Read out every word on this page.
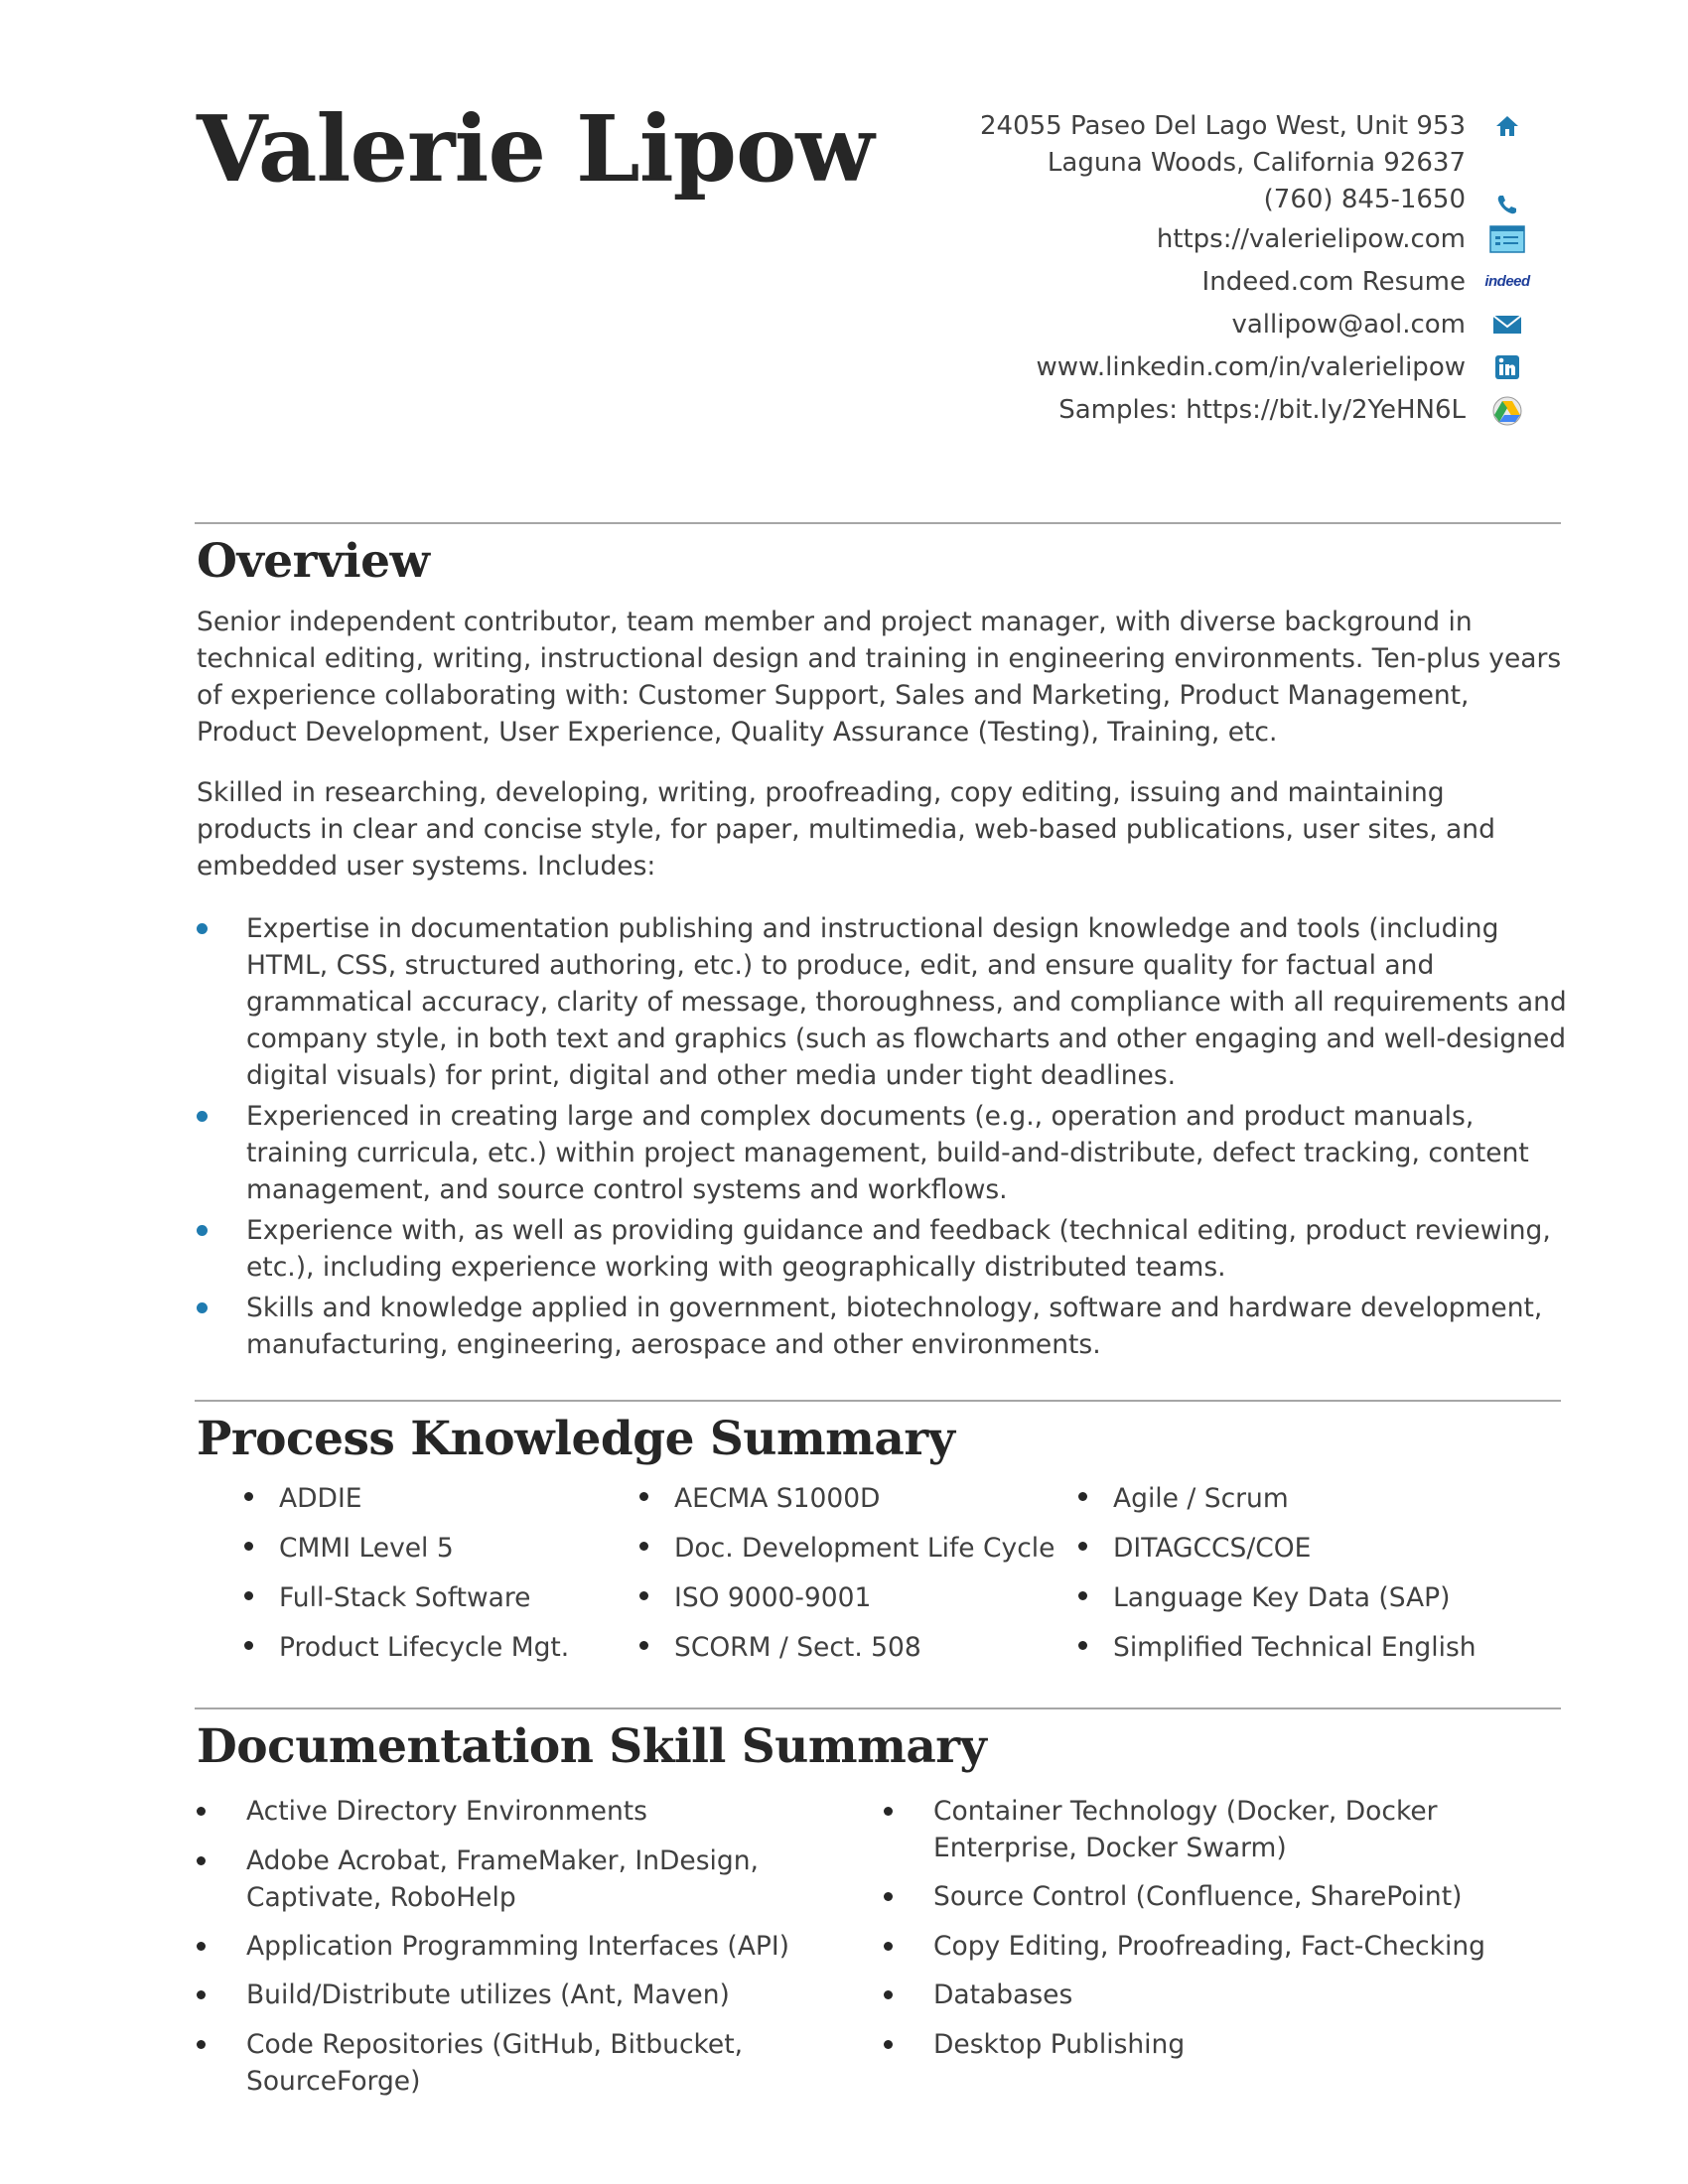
Valerie Lipow	24055 Paseo Del Lago West, Unit 953
Laguna Woods, California 92637
(760) 845-1650
https://valerielipow.com
Indeed.com Resume indeed
vallipow@aol.com
www.linkedin.com/in/valerielipow
Samples: https://bit.ly/2YeHN6L
Overview
Senior independent contributor, team member and project manager, with diverse background in technical editing, writing, instructional design and training in engineering environments. Ten-plus years of experience collaborating with: Customer Support, Sales and Marketing, Product Management, Product Development, User Experience, Quality Assurance (Testing), Training, etc.
Skilled in researching, developing, writing, proofreading, copy editing, issuing and maintaining products in clear and concise style, for paper, multimedia, web-based publications, user sites, and embedded user systems. Includes:
Expertise in documentation publishing and instructional design knowledge and tools (including HTML, CSS, structured authoring, etc.) to produce, edit, and ensure quality for factual and grammatical accuracy, clarity of message, thoroughness, and compliance with all requirements and company style, in both text and graphics (such as flowcharts and other engaging and well-designed digital visuals) for print, digital and other media under tight deadlines.
Experienced in creating large and complex documents (e.g., operation and product manuals, training curricula, etc.) within project management, build-and-distribute, defect tracking, content management, and source control systems and workflows.
Experience with, as well as providing guidance and feedback (technical editing, product reviewing, etc.), including experience working with geographically distributed teams.
Skills and knowledge applied in government, biotechnology, software and hardware development, manufacturing, engineering, aerospace and other environments.
Process Knowledge Summary
ADDIE
CMMI Level 5
Full-Stack Software
Product Lifecycle Mgt.
AECMA S1000D
Doc. Development Life Cycle
ISO 9000-9001
SCORM / Sect. 508
Agile / Scrum
DITAGCCS/COE
Language Key Data (SAP)
Simplified Technical English
Documentation Skill Summary
Active Directory Environments
Adobe Acrobat, FrameMaker, InDesign, Captivate, RoboHelp
Application Programming Interfaces (API)
Build/Distribute utilizes (Ant, Maven)
Code Repositories (GitHub, Bitbucket, SourceForge)
Container Technology (Docker, Docker Enterprise, Docker Swarm)
Source Control (Confluence, SharePoint)
Copy Editing, Proofreading, Fact-Checking
Databases
Desktop Publishing
